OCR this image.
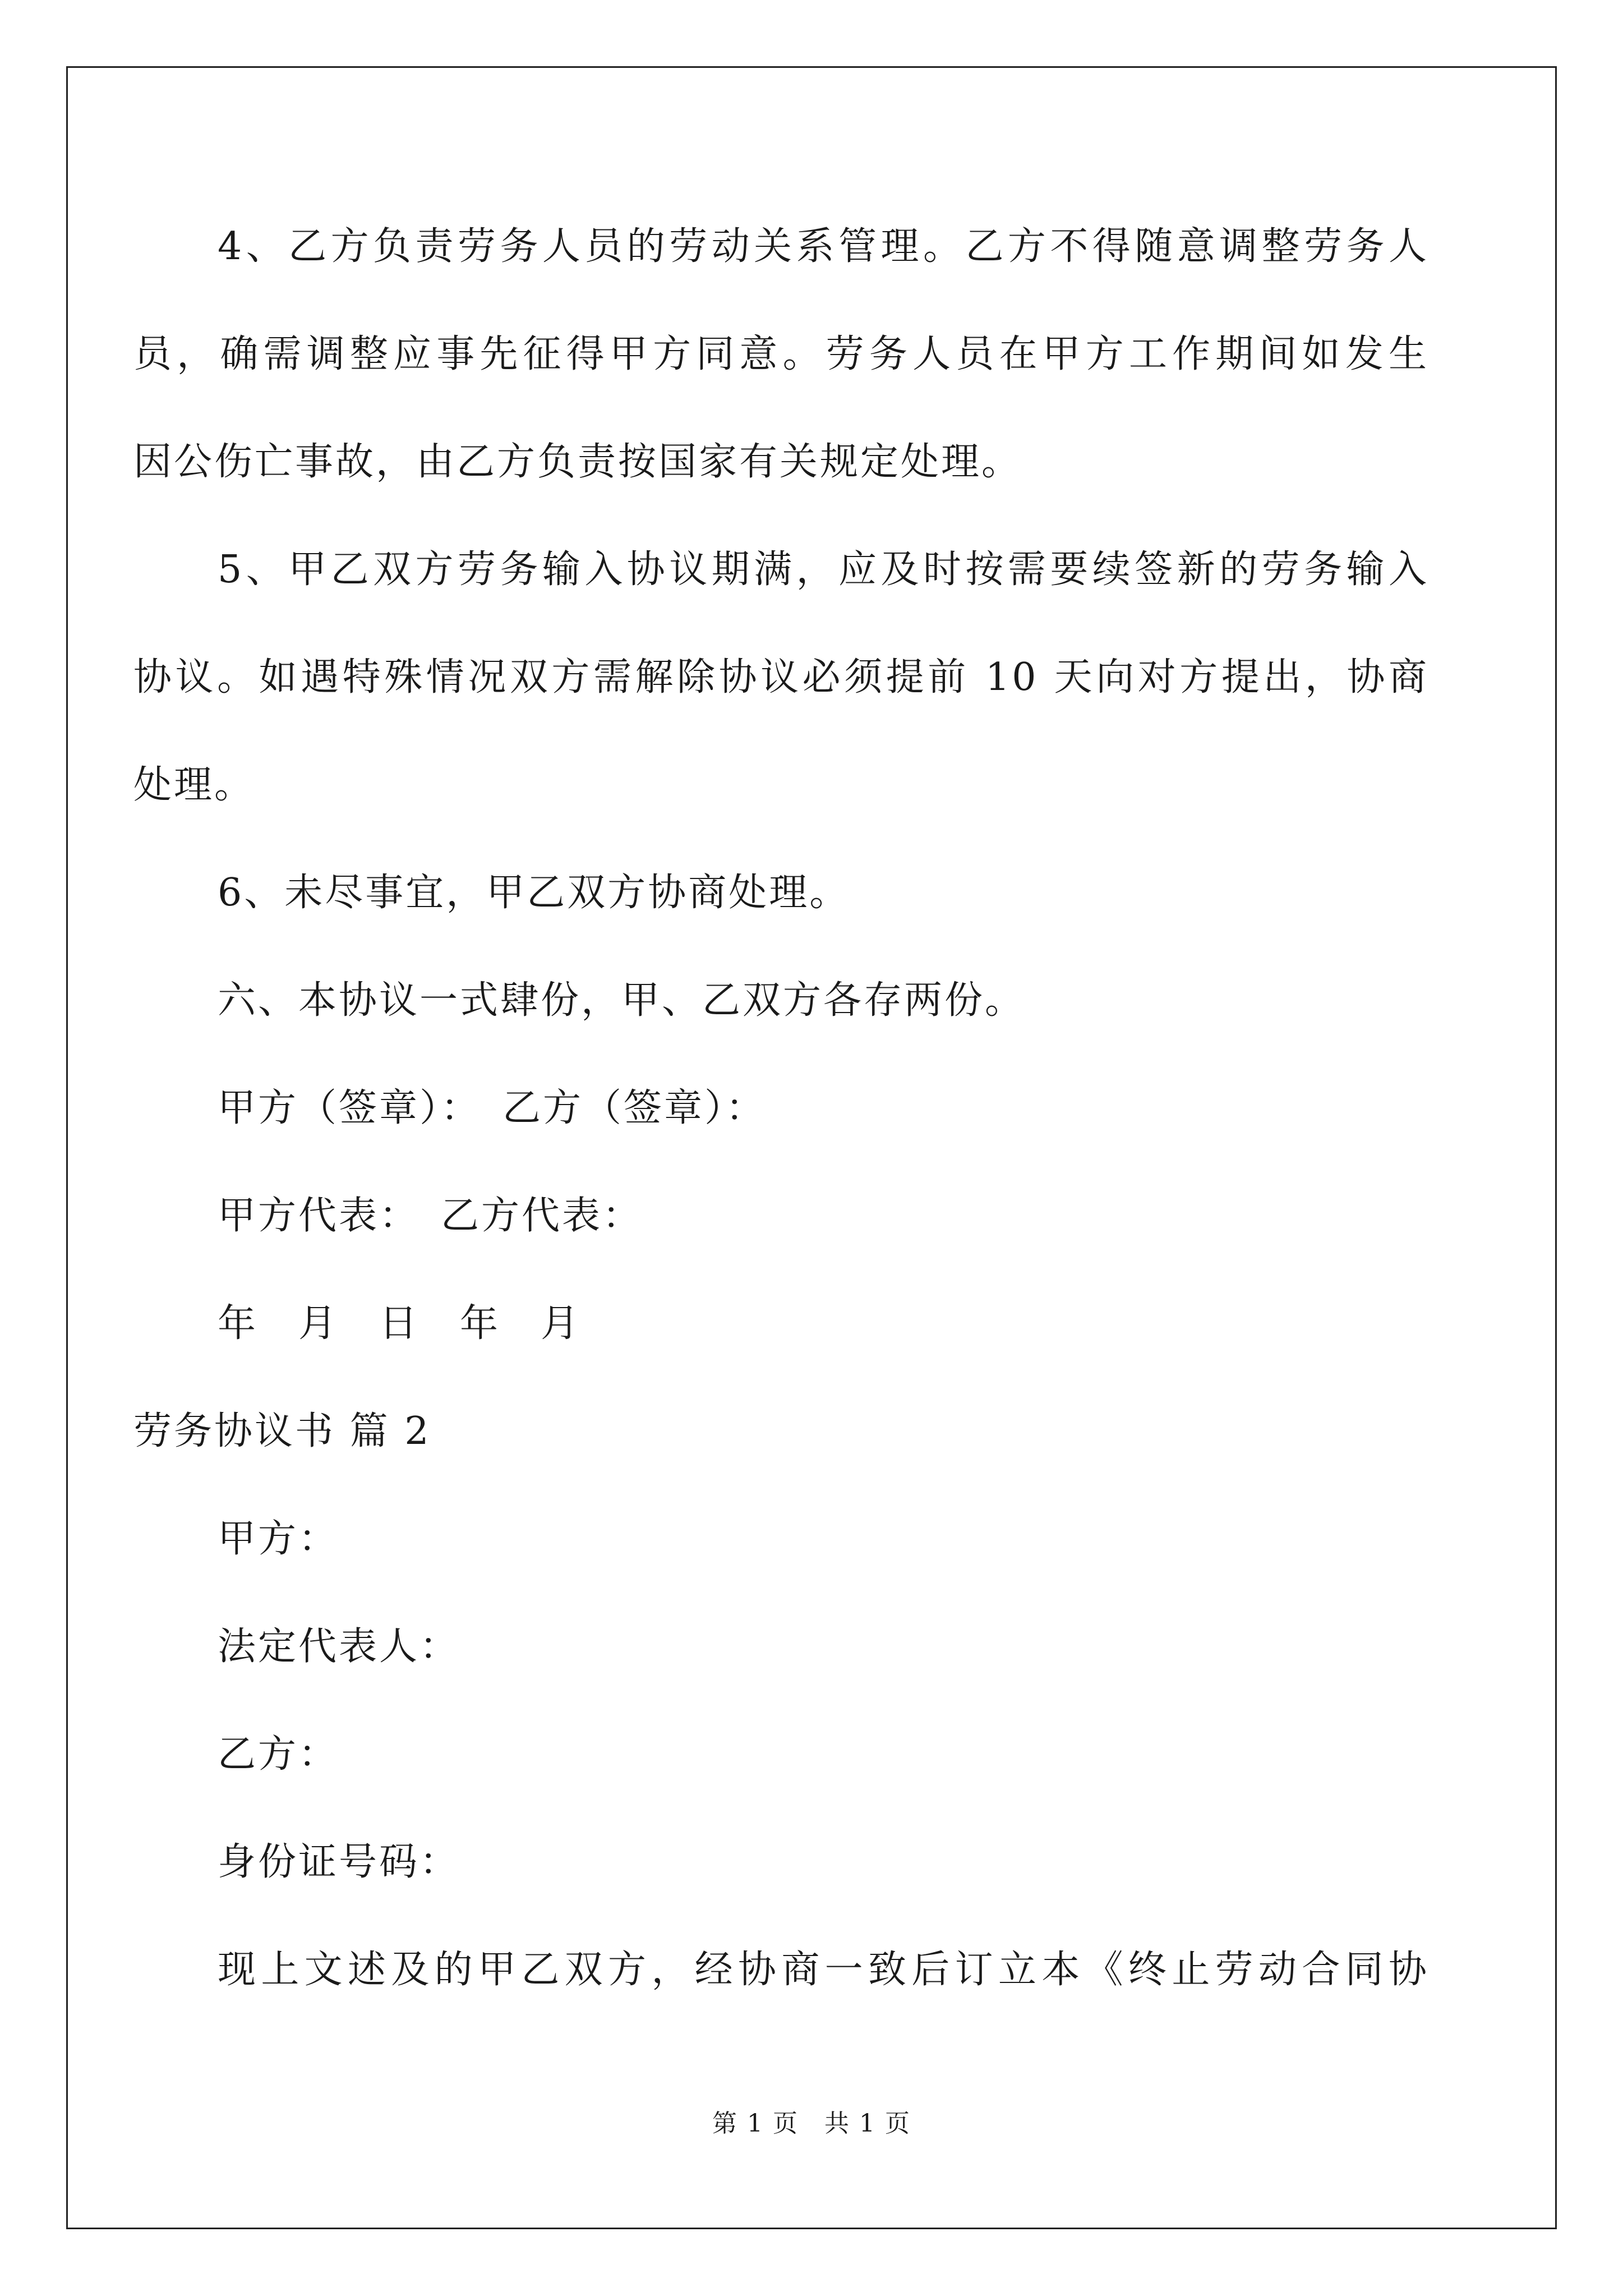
4、乙方负责劳务人员的劳动关系管理。乙方不得随意调整劳务人
员，确需调整应事先征得甲方同意。劳务人员在甲方工作期间如发生
因公伤亡事故，由乙方负责按国家有关规定处理。
5、甲乙双方劳务输入协议期满，应及时按需要续签新的劳务输入
协议。如遇特殊情况双方需解除协议必须提前 10 天向对方提出，协商
处理。
6、未尽事宜，甲乙双方协商处理。
六、本协议一式肆份，甲、乙双方各存两份。
甲方（签章）：　乙方（签章）：
甲方代表：　乙方代表：
年　月　日　年　月
劳务协议书 篇 2
甲方：
法定代表人：
乙方：
身份证号码：
现上文述及的甲乙双方，经协商一致后订立本《终止劳动合同协
第 1 页　共 1 页
